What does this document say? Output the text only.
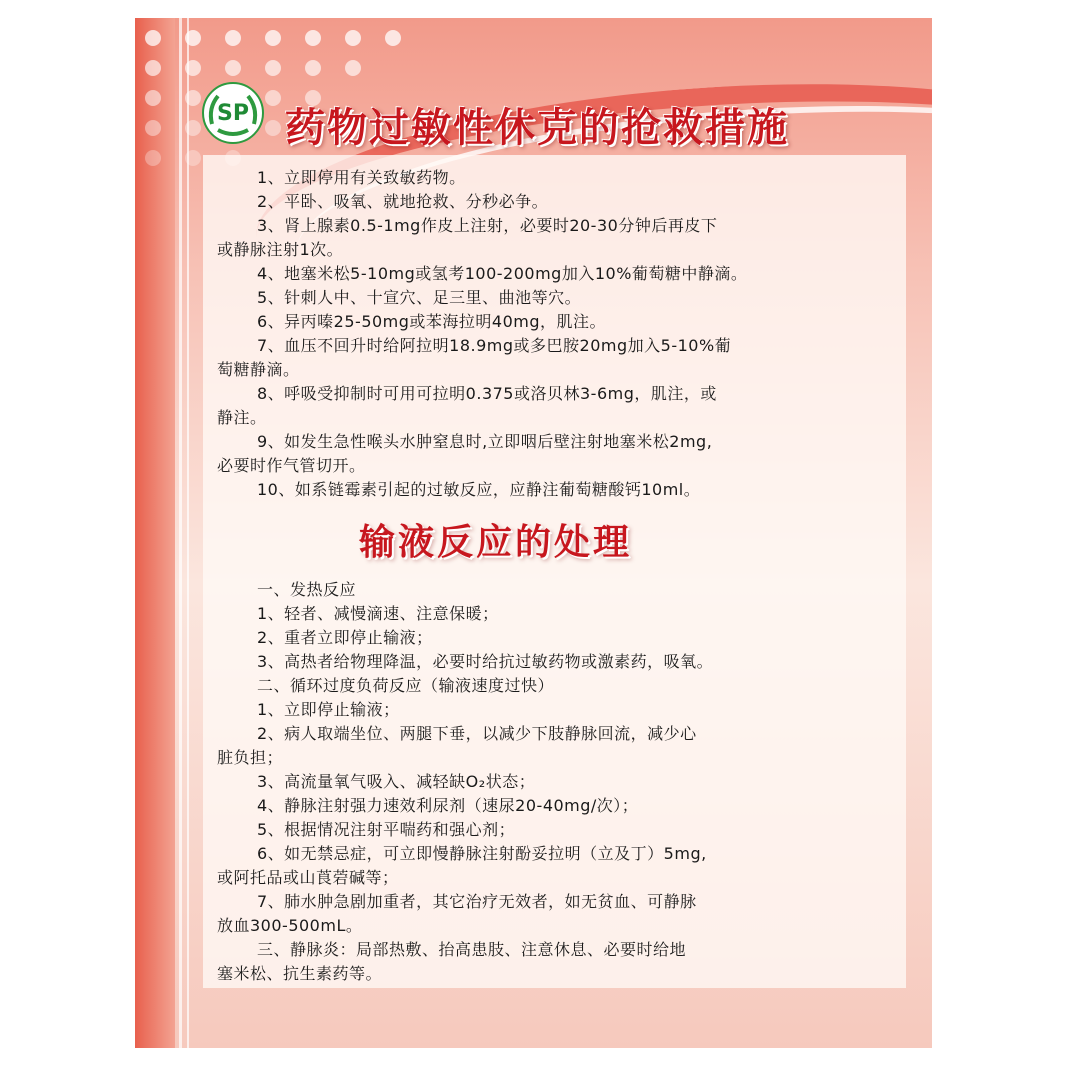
SP 药物过敏性休克的抢救措施
1、立即停用有关致敏药物。
2、平卧、吸氧、就地抢救、分秒必争。
3、肾上腺素0.5-1mg作皮上注射，必要时20-30分钟后再皮下
或静脉注射1次。
4、地塞米松5-10mg或氢考100-200mg加入10%葡萄糖中静滴。
5、针刺人中、十宣穴、足三里、曲池等穴。
6、异丙嗪25-50mg或苯海拉明40mg，肌注。
7、血压不回升时给阿拉明18.9mg或多巴胺20mg加入5-10%葡
萄糖静滴。
8、呼吸受抑制时可用可拉明0.375或洛贝林3-6mg，肌注，或
静注。
9、如发生急性喉头水肿窒息时,立即咽后壁注射地塞米松2mg,
必要时作气管切开。
10、如系链霉素引起的过敏反应，应静注葡萄糖酸钙10ml。
输液反应的处理
一、发热反应
1、轻者、减慢滴速、注意保暖；
2、重者立即停止输液；
3、高热者给物理降温，必要时给抗过敏药物或激素药，吸氧。
二、循环过度负荷反应（输液速度过快）
1、立即停止输液；
2、病人取端坐位、两腿下垂，以减少下肢静脉回流，减少心
脏负担；
3、高流量氧气吸入、减轻缺O₂状态；
4、静脉注射强力速效利尿剂（速尿20-40mg/次）；
5、根据情况注射平喘药和强心剂；
6、如无禁忌症，可立即慢静脉注射酚妥拉明（立及丁）5mg,
或阿托品或山莨菪碱等；
7、肺水肿急剧加重者，其它治疗无效者，如无贫血、可静脉
放血300-500mL。
三、静脉炎：局部热敷、抬高患肢、注意休息、必要时给地
塞米松、抗生素药等。
